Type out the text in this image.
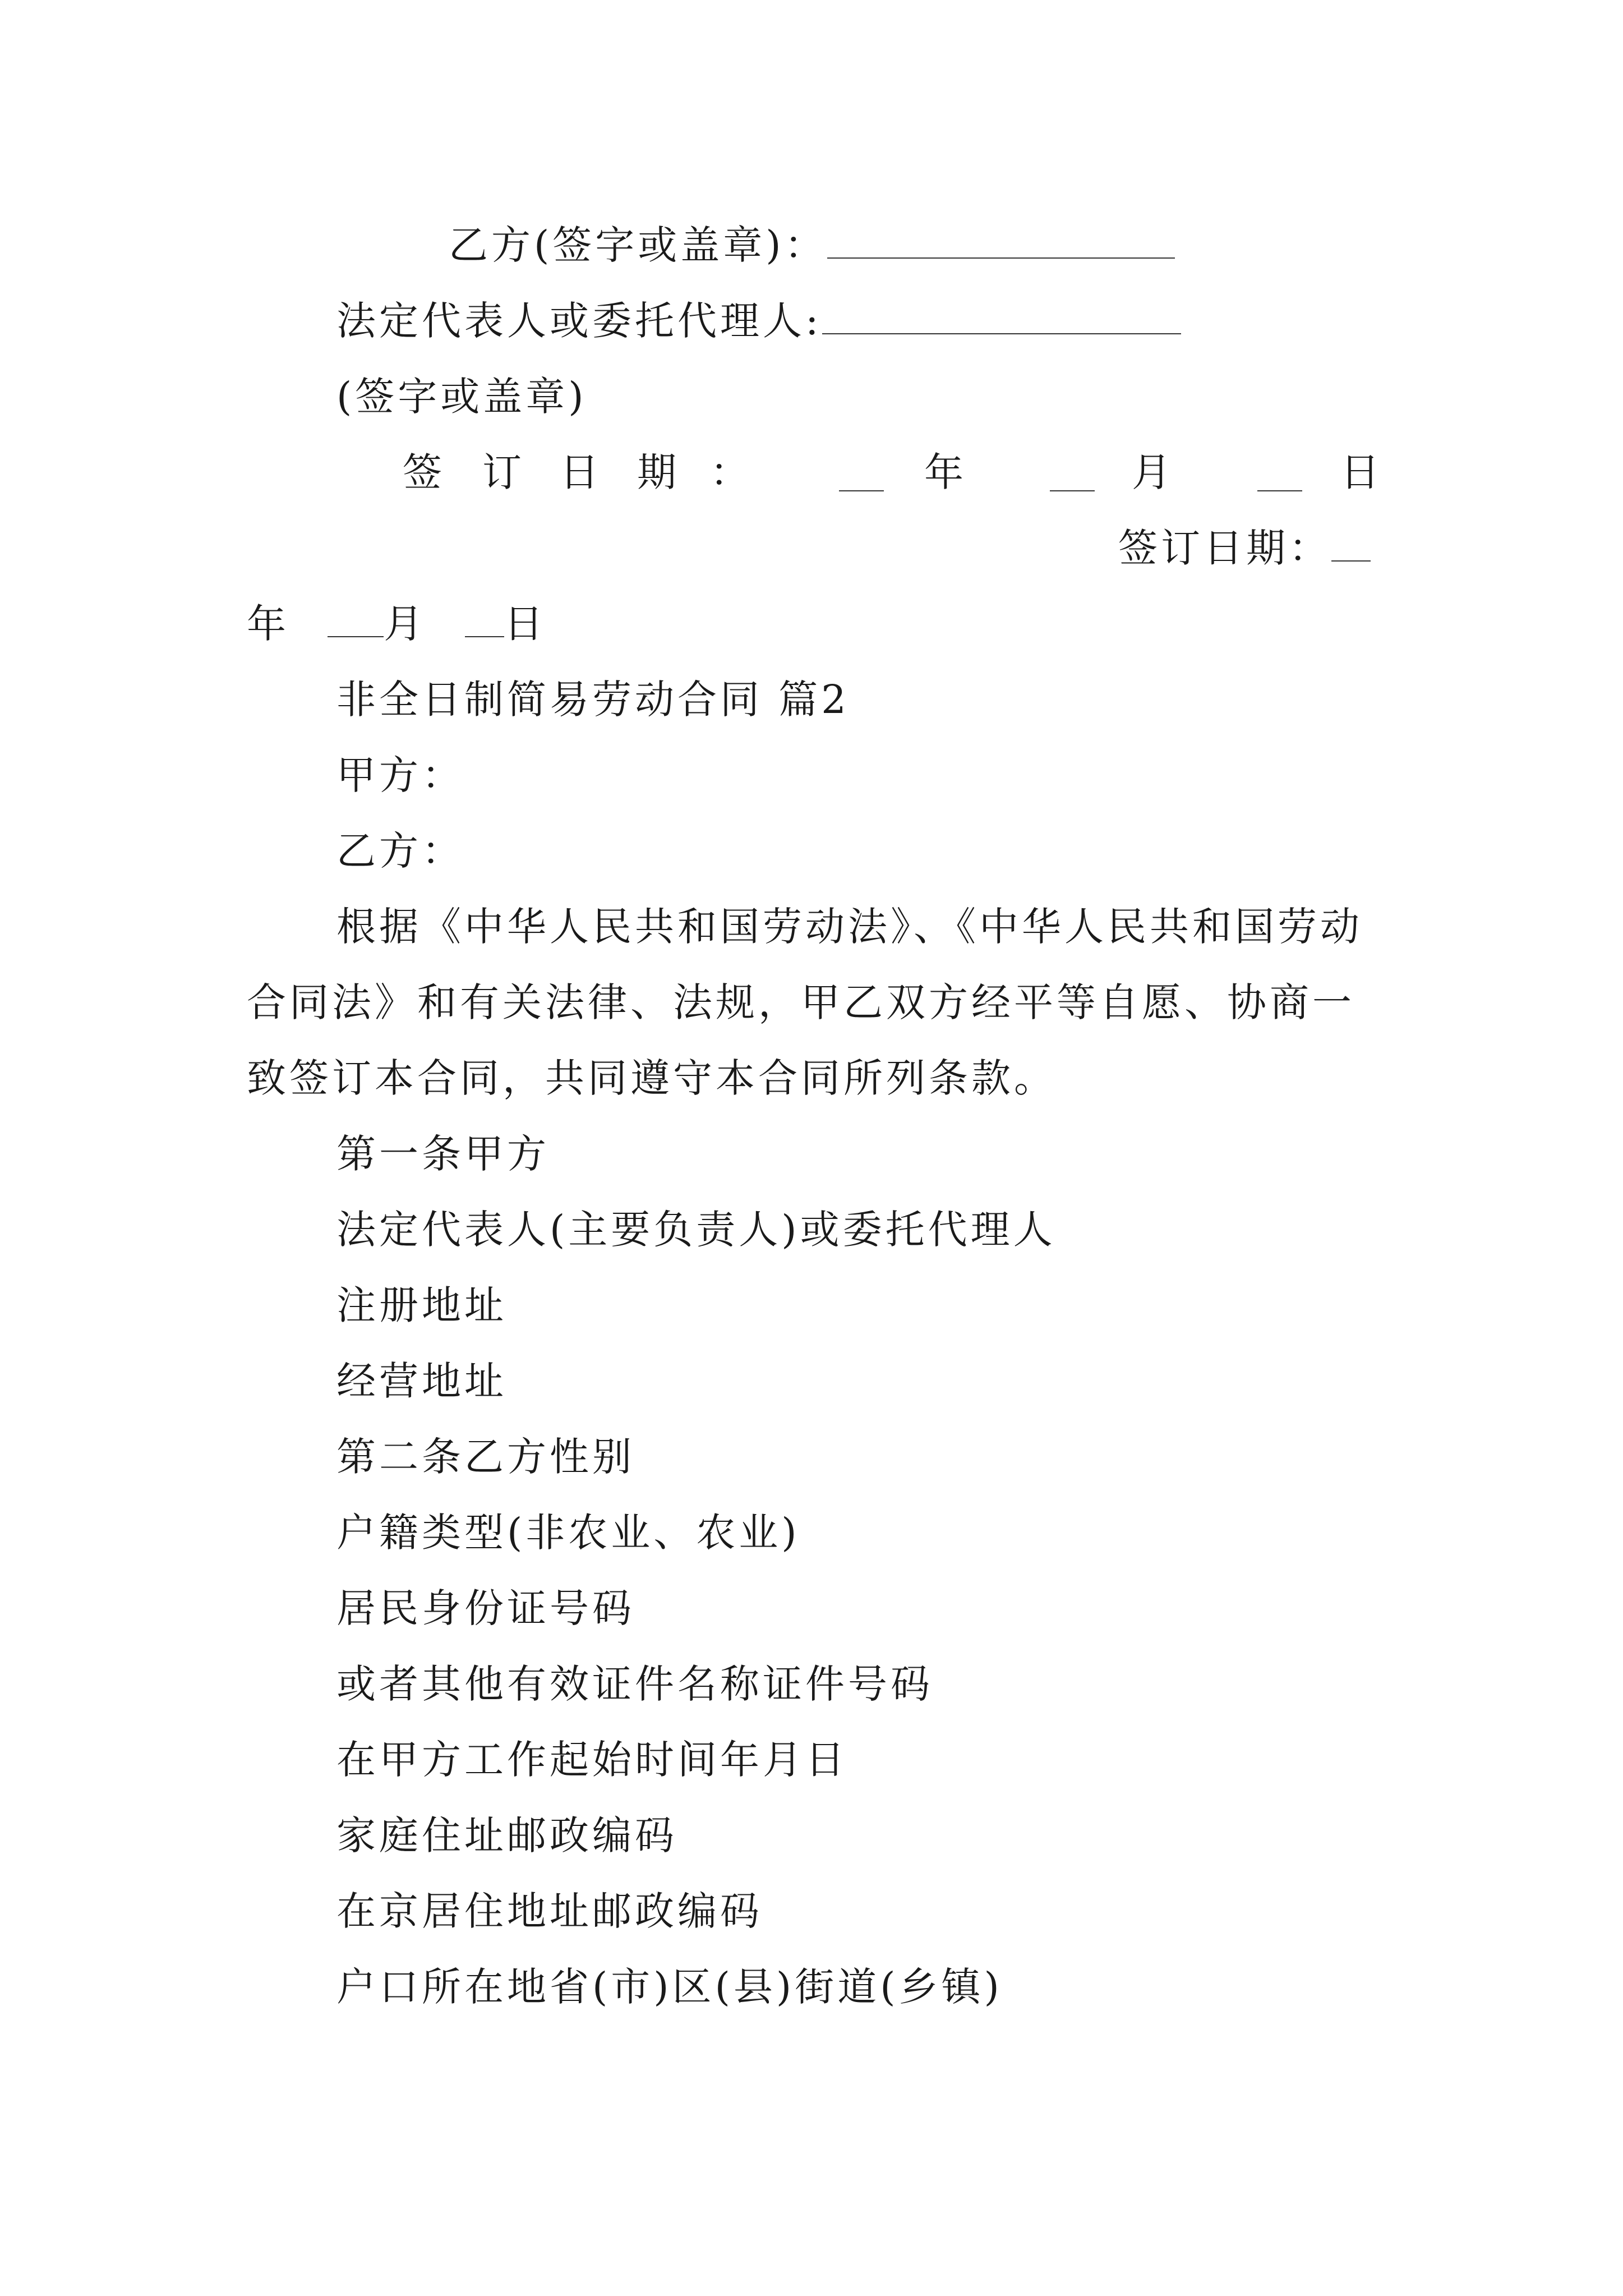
乙方(签字或盖章)：
法定代表人或委托代理人:
(签字或盖章)
签 订 日 期 ：	年	月	日
签订日期：
年 月 日
非全日制简易劳动合同 篇2
甲方：
乙方：
根据《中华人民共和国劳动法》、《中华人民共和国劳动
合同法》和有关法律、法规，甲乙双方经平等自愿、协商一
致签订本合同，共同遵守本合同所列条款。
第一条甲方
法定代表人(主要负责人)或委托代理人
注册地址
经营地址
第二条乙方性别
户籍类型(非农业、农业)
居民身份证号码
或者其他有效证件名称证件号码
在甲方工作起始时间年月日
家庭住址邮政编码
在京居住地址邮政编码
户口所在地省(市)区(县)街道(乡镇)
